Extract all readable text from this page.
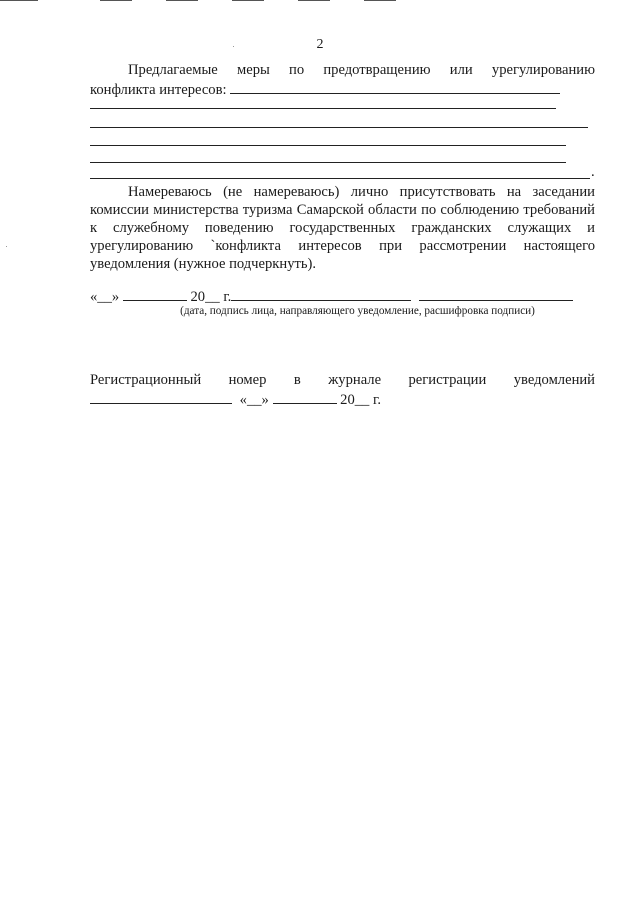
2
Предлагаемые меры по предотвращению или урегулированию
конфликта интересов:
.
Намереваюсь (не намереваюсь) лично присутствовать на заседании комиссии министерства туризма Самарской области по соблюдению требований к служебному поведению государственных гражданских служащих и урегулированию `конфликта интересов при рассмотрении настоящего уведомления (нужное подчеркнуть).
«__»	20__ г.
(дата, подпись лица, направляющего уведомление, расшифровка подписи)
Регистрационный номер в журнале регистрации уведомлений
«__»	20__ г.
